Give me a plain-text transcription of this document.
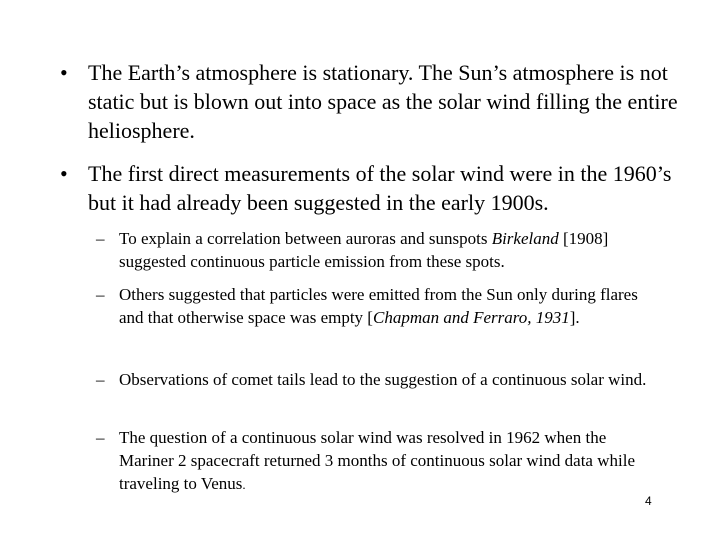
• The Earth’s atmosphere is stationary. The Sun’s atmosphere is not static but is blown out into space as the solar wind filling the entire heliosphere.
• The first direct measurements of the solar wind were in the 1960’s but it had already been suggested in the early 1900s.
– To explain a correlation between auroras and sunspots Birkeland [1908] suggested continuous particle emission from these spots.
– Others suggested that particles were emitted from the Sun only during flares and that otherwise space was empty [Chapman and Ferraro, 1931].
– Observations of comet tails lead to the suggestion of a continuous solar wind.
– The question of a continuous solar wind was resolved in 1962 when the Mariner 2 spacecraft returned 3 months of continuous solar wind data while traveling to Venus.
4
